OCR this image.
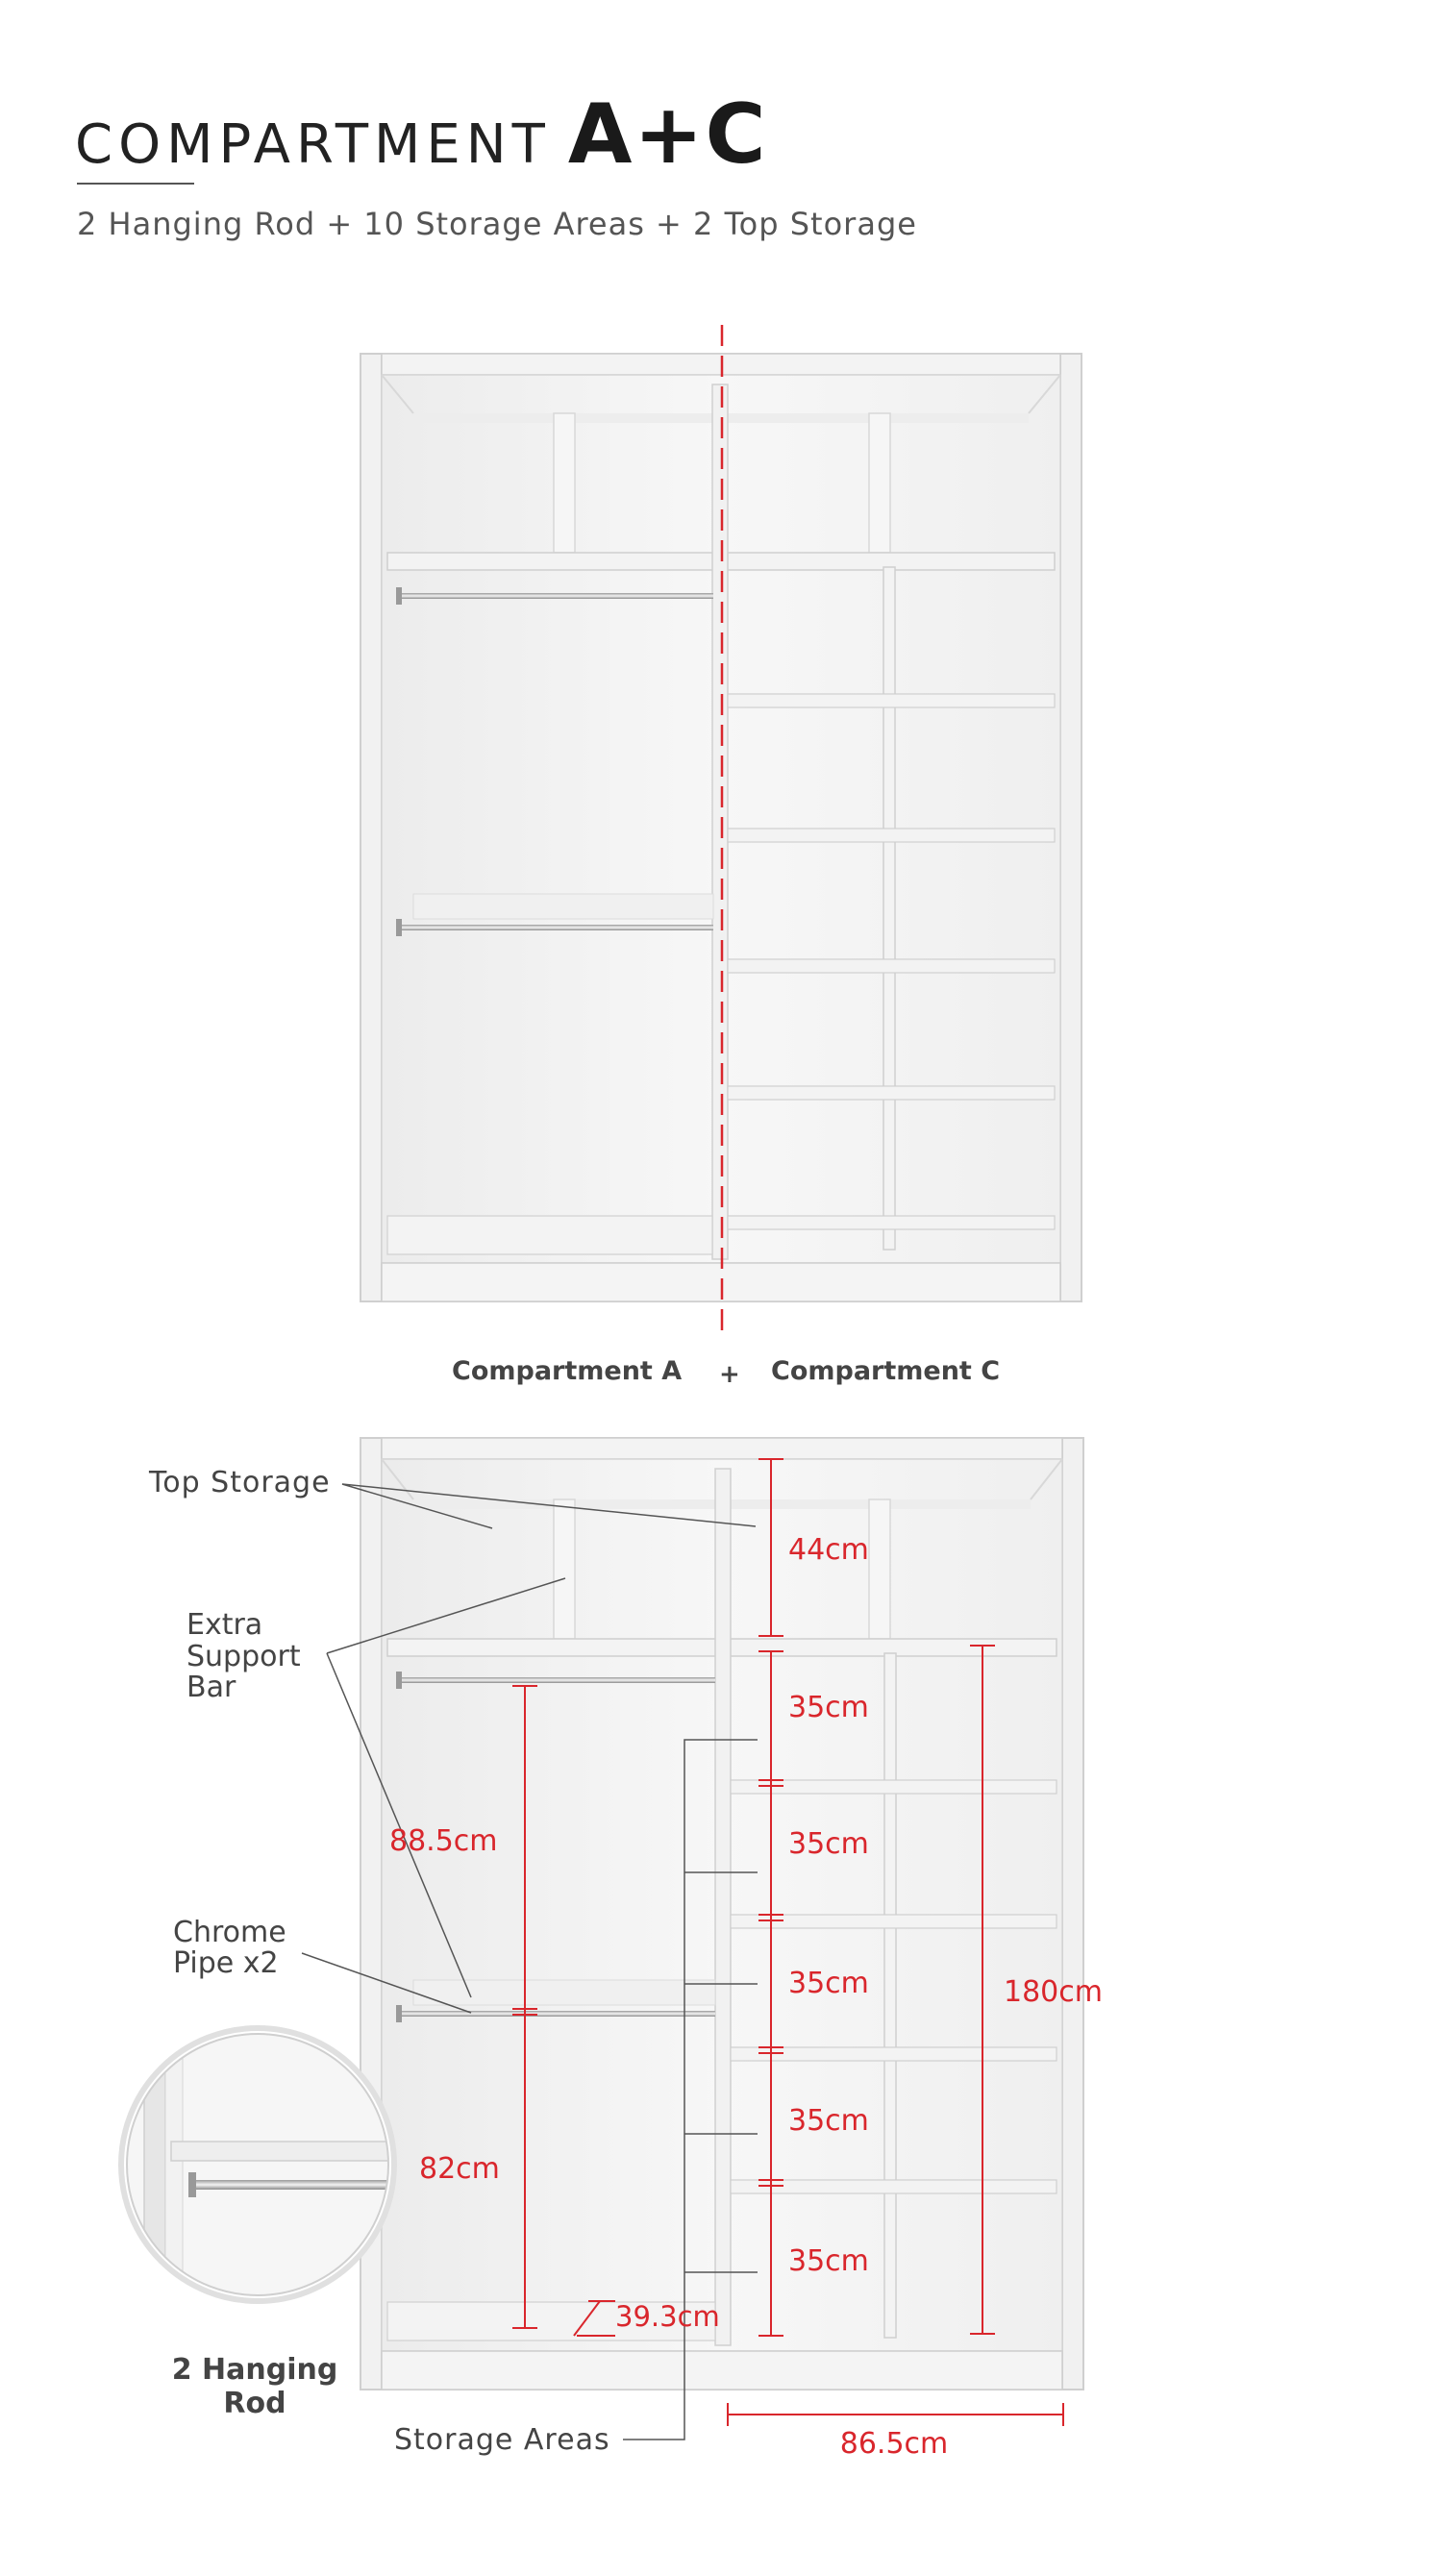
COMPARTMENT A+C
2 Hanging Rod + 10 Storage Areas + 2 Top Storage
Compartment A + Compartment C
Top Storage
Extra
Support
Bar
Chrome
Pipe x2
Storage Areas
2 Hanging
Rod
44cm
35cm
35cm
35cm
35cm
35cm
88.5cm
82cm
39.3cm
180cm
86.5cm
